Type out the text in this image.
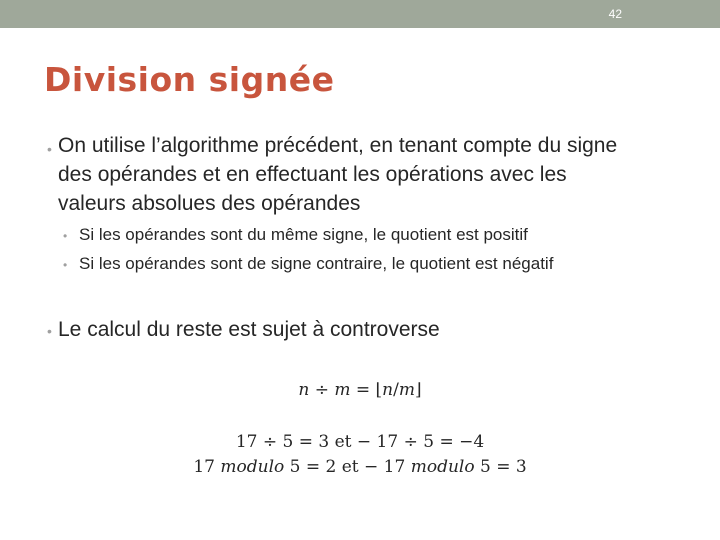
42
Division signée
• On utilise l’algorithme précédent, en tenant compte du signe
des opérandes et en effectuant les opérations avec les
valeurs absolues des opérandes
• Si les opérandes sont du même signe, le quotient est positif
• Si les opérandes sont de signe contraire, le quotient est négatif
• Le calcul du reste est sujet à controverse
𝑛 ÷ 𝑚 = ⌊𝑛/𝑚⌋
17 ÷ 5 = 3 et − 17 ÷ 5 = −4
17 𝑚𝑜𝑑𝑢𝑙𝑜 5 = 2 et − 17 𝑚𝑜𝑑𝑢𝑙𝑜 5 = 3
